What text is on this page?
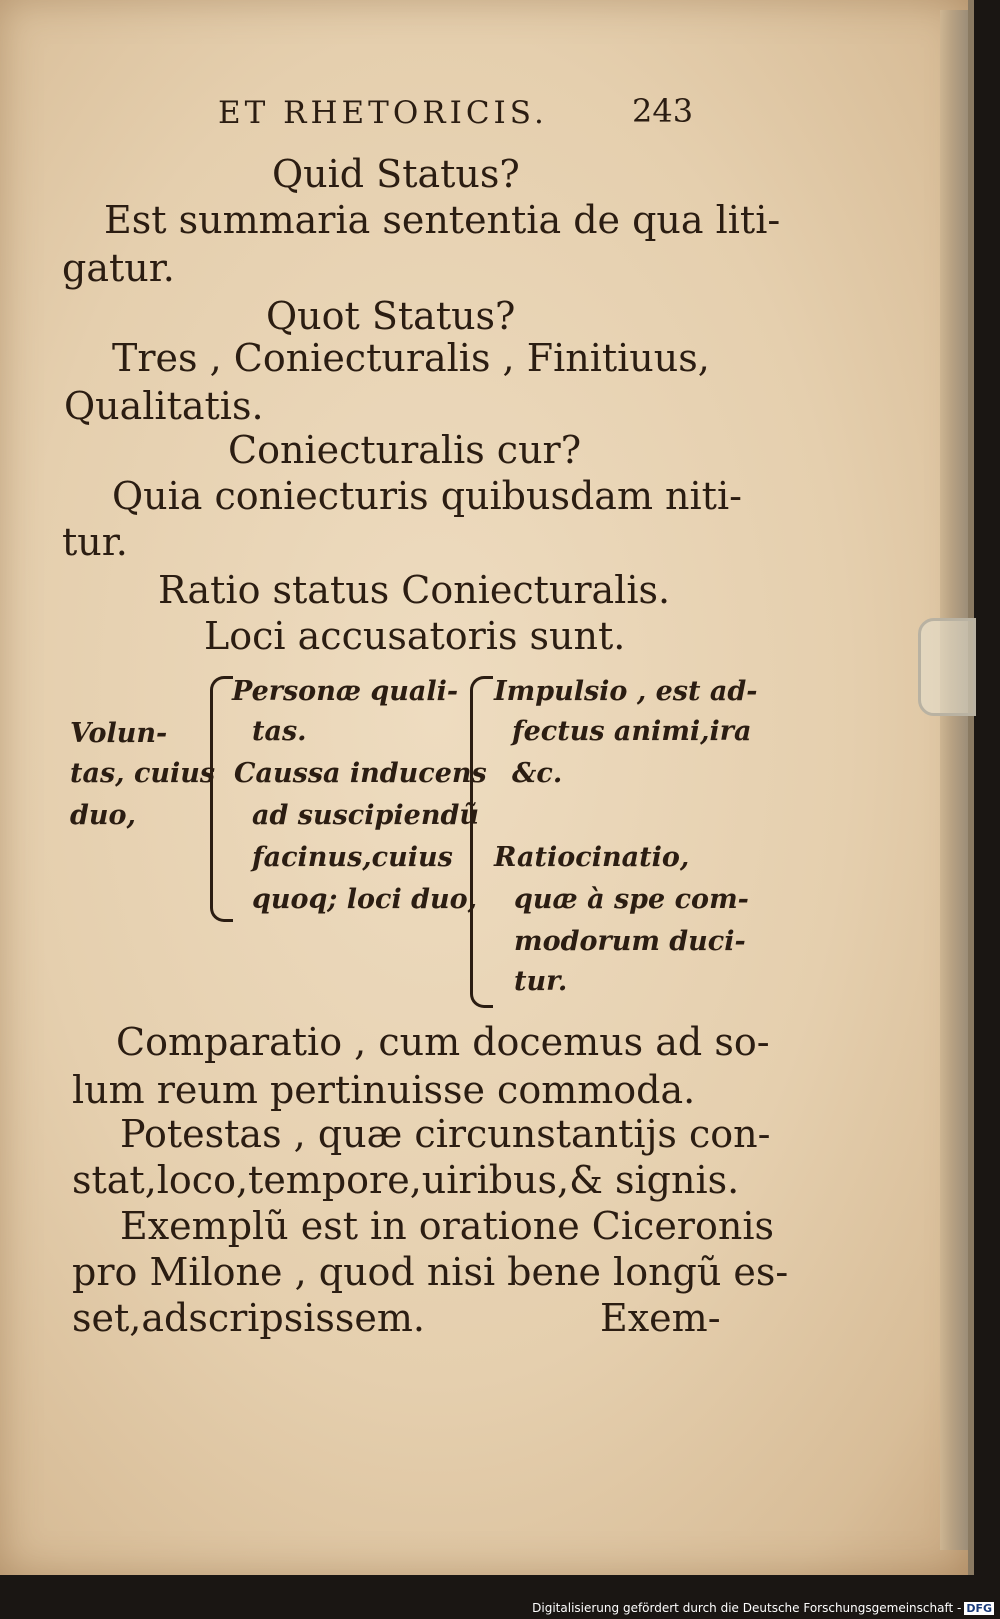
ET RHETORICIS.	243
Quid Status?
Est summaria sententia de qua liti-
gatur.
Quot Status?
Tres , Coniecturalis , Finitiuus,
Qualitatis.
Coniecturalis cur?
Quia coniecturis quibusdam niti-
tur.
Ratio status Coniecturalis.
Loci accusatoris sunt.
Volun-
tas, cuius
duo,
Personæ quali-
tas.
Caussa inducens
ad suscipiendũ
facinus,cuius
quoq; loci duo,
Impulsio , est ad-
fectus animi,ira
&c.
Ratiocinatio,
quæ à spe com-
modorum duci-
tur.
Comparatio , cum docemus ad so-
lum reum pertinuisse commoda.
Potestas , quæ circunstantijs con-
stat,loco,tempore,uiribus,& signis.
Exemplũ est in oratione Ciceronis
pro Milone , quod nisi bene longũ es-
set,adscripsissem.	Exem-
Digitalisierung gefördert durch die Deutsche Forschungsgemeinschaft - DFG
